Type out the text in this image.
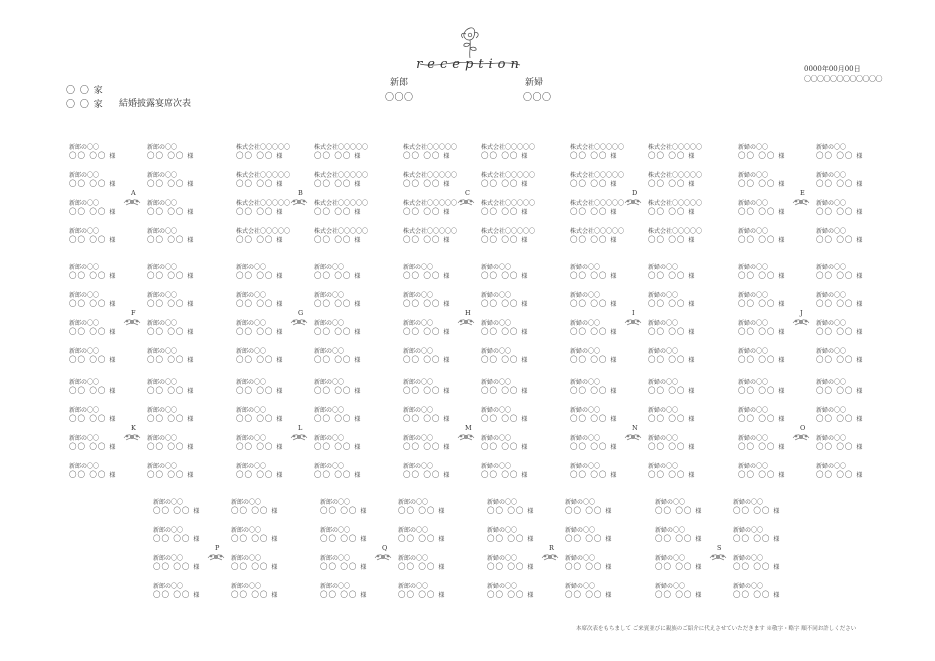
〇 〇 家
〇 〇 家 結婚披露宴席次表
reception
新郎
〇〇〇
新婦
〇〇〇
0000年00月00日
〇〇〇〇〇〇〇〇〇〇〇〇
新郎の〇〇
〇〇 〇〇 様
新郎の〇〇
〇〇 〇〇 様
新郎の〇〇
〇〇 〇〇 様
新郎の〇〇
〇〇 〇〇 様
新郎の〇〇
〇〇 〇〇 様
新郎の〇〇
〇〇 〇〇 様
新郎の〇〇
〇〇 〇〇 様
新郎の〇〇
〇〇 〇〇 様
A
株式会社〇〇〇〇〇
〇〇 〇〇 様
株式会社〇〇〇〇〇
〇〇 〇〇 様
株式会社〇〇〇〇〇
〇〇 〇〇 様
株式会社〇〇〇〇〇
〇〇 〇〇 様
株式会社〇〇〇〇〇
〇〇 〇〇 様
株式会社〇〇〇〇〇
〇〇 〇〇 様
株式会社〇〇〇〇〇
〇〇 〇〇 様
株式会社〇〇〇〇〇
〇〇 〇〇 様
B
株式会社〇〇〇〇〇
〇〇 〇〇 様
株式会社〇〇〇〇〇
〇〇 〇〇 様
株式会社〇〇〇〇〇
〇〇 〇〇 様
株式会社〇〇〇〇〇
〇〇 〇〇 様
株式会社〇〇〇〇〇
〇〇 〇〇 様
株式会社〇〇〇〇〇
〇〇 〇〇 様
株式会社〇〇〇〇〇
〇〇 〇〇 様
株式会社〇〇〇〇〇
〇〇 〇〇 様
C
株式会社〇〇〇〇〇
〇〇 〇〇 様
株式会社〇〇〇〇〇
〇〇 〇〇 様
株式会社〇〇〇〇〇
〇〇 〇〇 様
株式会社〇〇〇〇〇
〇〇 〇〇 様
株式会社〇〇〇〇〇
〇〇 〇〇 様
株式会社〇〇〇〇〇
〇〇 〇〇 様
株式会社〇〇〇〇〇
〇〇 〇〇 様
株式会社〇〇〇〇〇
〇〇 〇〇 様
D
新婦の〇〇
〇〇 〇〇 様
新婦の〇〇
〇〇 〇〇 様
新婦の〇〇
〇〇 〇〇 様
新婦の〇〇
〇〇 〇〇 様
新婦の〇〇
〇〇 〇〇 様
新婦の〇〇
〇〇 〇〇 様
新婦の〇〇
〇〇 〇〇 様
新婦の〇〇
〇〇 〇〇 様
E
新郎の〇〇
〇〇 〇〇 様
新郎の〇〇
〇〇 〇〇 様
新郎の〇〇
〇〇 〇〇 様
新郎の〇〇
〇〇 〇〇 様
新郎の〇〇
〇〇 〇〇 様
新郎の〇〇
〇〇 〇〇 様
新郎の〇〇
〇〇 〇〇 様
新郎の〇〇
〇〇 〇〇 様
F
新郎の〇〇
〇〇 〇〇 様
新郎の〇〇
〇〇 〇〇 様
新郎の〇〇
〇〇 〇〇 様
新郎の〇〇
〇〇 〇〇 様
新郎の〇〇
〇〇 〇〇 様
新郎の〇〇
〇〇 〇〇 様
新郎の〇〇
〇〇 〇〇 様
新郎の〇〇
〇〇 〇〇 様
G
新郎の〇〇
〇〇 〇〇 様
新婦の〇〇
〇〇 〇〇 様
新郎の〇〇
〇〇 〇〇 様
新婦の〇〇
〇〇 〇〇 様
新郎の〇〇
〇〇 〇〇 様
新婦の〇〇
〇〇 〇〇 様
新郎の〇〇
〇〇 〇〇 様
新婦の〇〇
〇〇 〇〇 様
H
新婦の〇〇
〇〇 〇〇 様
新婦の〇〇
〇〇 〇〇 様
新婦の〇〇
〇〇 〇〇 様
新婦の〇〇
〇〇 〇〇 様
新婦の〇〇
〇〇 〇〇 様
新婦の〇〇
〇〇 〇〇 様
新婦の〇〇
〇〇 〇〇 様
新婦の〇〇
〇〇 〇〇 様
I
新婦の〇〇
〇〇 〇〇 様
新婦の〇〇
〇〇 〇〇 様
新婦の〇〇
〇〇 〇〇 様
新婦の〇〇
〇〇 〇〇 様
新婦の〇〇
〇〇 〇〇 様
新婦の〇〇
〇〇 〇〇 様
新婦の〇〇
〇〇 〇〇 様
新婦の〇〇
〇〇 〇〇 様
J
新郎の〇〇
〇〇 〇〇 様
新郎の〇〇
〇〇 〇〇 様
新郎の〇〇
〇〇 〇〇 様
新郎の〇〇
〇〇 〇〇 様
新郎の〇〇
〇〇 〇〇 様
新郎の〇〇
〇〇 〇〇 様
新郎の〇〇
〇〇 〇〇 様
新郎の〇〇
〇〇 〇〇 様
K
新郎の〇〇
〇〇 〇〇 様
新郎の〇〇
〇〇 〇〇 様
新郎の〇〇
〇〇 〇〇 様
新郎の〇〇
〇〇 〇〇 様
新郎の〇〇
〇〇 〇〇 様
新郎の〇〇
〇〇 〇〇 様
新郎の〇〇
〇〇 〇〇 様
新郎の〇〇
〇〇 〇〇 様
L
新郎の〇〇
〇〇 〇〇 様
新婦の〇〇
〇〇 〇〇 様
新郎の〇〇
〇〇 〇〇 様
新婦の〇〇
〇〇 〇〇 様
新郎の〇〇
〇〇 〇〇 様
新婦の〇〇
〇〇 〇〇 様
新郎の〇〇
〇〇 〇〇 様
新婦の〇〇
〇〇 〇〇 様
M
新婦の〇〇
〇〇 〇〇 様
新婦の〇〇
〇〇 〇〇 様
新婦の〇〇
〇〇 〇〇 様
新婦の〇〇
〇〇 〇〇 様
新婦の〇〇
〇〇 〇〇 様
新婦の〇〇
〇〇 〇〇 様
新婦の〇〇
〇〇 〇〇 様
新婦の〇〇
〇〇 〇〇 様
N
新婦の〇〇
〇〇 〇〇 様
新婦の〇〇
〇〇 〇〇 様
新婦の〇〇
〇〇 〇〇 様
新婦の〇〇
〇〇 〇〇 様
新婦の〇〇
〇〇 〇〇 様
新婦の〇〇
〇〇 〇〇 様
新婦の〇〇
〇〇 〇〇 様
新婦の〇〇
〇〇 〇〇 様
O
新郎の〇〇
〇〇 〇〇 様
新郎の〇〇
〇〇 〇〇 様
新郎の〇〇
〇〇 〇〇 様
新郎の〇〇
〇〇 〇〇 様
新郎の〇〇
〇〇 〇〇 様
新郎の〇〇
〇〇 〇〇 様
新郎の〇〇
〇〇 〇〇 様
新郎の〇〇
〇〇 〇〇 様
P
新郎の〇〇
〇〇 〇〇 様
新郎の〇〇
〇〇 〇〇 様
新郎の〇〇
〇〇 〇〇 様
新郎の〇〇
〇〇 〇〇 様
新郎の〇〇
〇〇 〇〇 様
新郎の〇〇
〇〇 〇〇 様
新郎の〇〇
〇〇 〇〇 様
新郎の〇〇
〇〇 〇〇 様
Q
新婦の〇〇
〇〇 〇〇 様
新婦の〇〇
〇〇 〇〇 様
新婦の〇〇
〇〇 〇〇 様
新婦の〇〇
〇〇 〇〇 様
新婦の〇〇
〇〇 〇〇 様
新婦の〇〇
〇〇 〇〇 様
新婦の〇〇
〇〇 〇〇 様
新婦の〇〇
〇〇 〇〇 様
R
新婦の〇〇
〇〇 〇〇 様
新婦の〇〇
〇〇 〇〇 様
新婦の〇〇
〇〇 〇〇 様
新婦の〇〇
〇〇 〇〇 様
新婦の〇〇
〇〇 〇〇 様
新婦の〇〇
〇〇 〇〇 様
新婦の〇〇
〇〇 〇〇 様
新婦の〇〇
〇〇 〇〇 様
S
本席次表をもちまして ご来賓並びに親族のご紹介に代えさせていただきます ※敬字・略字 順不同お許しください
